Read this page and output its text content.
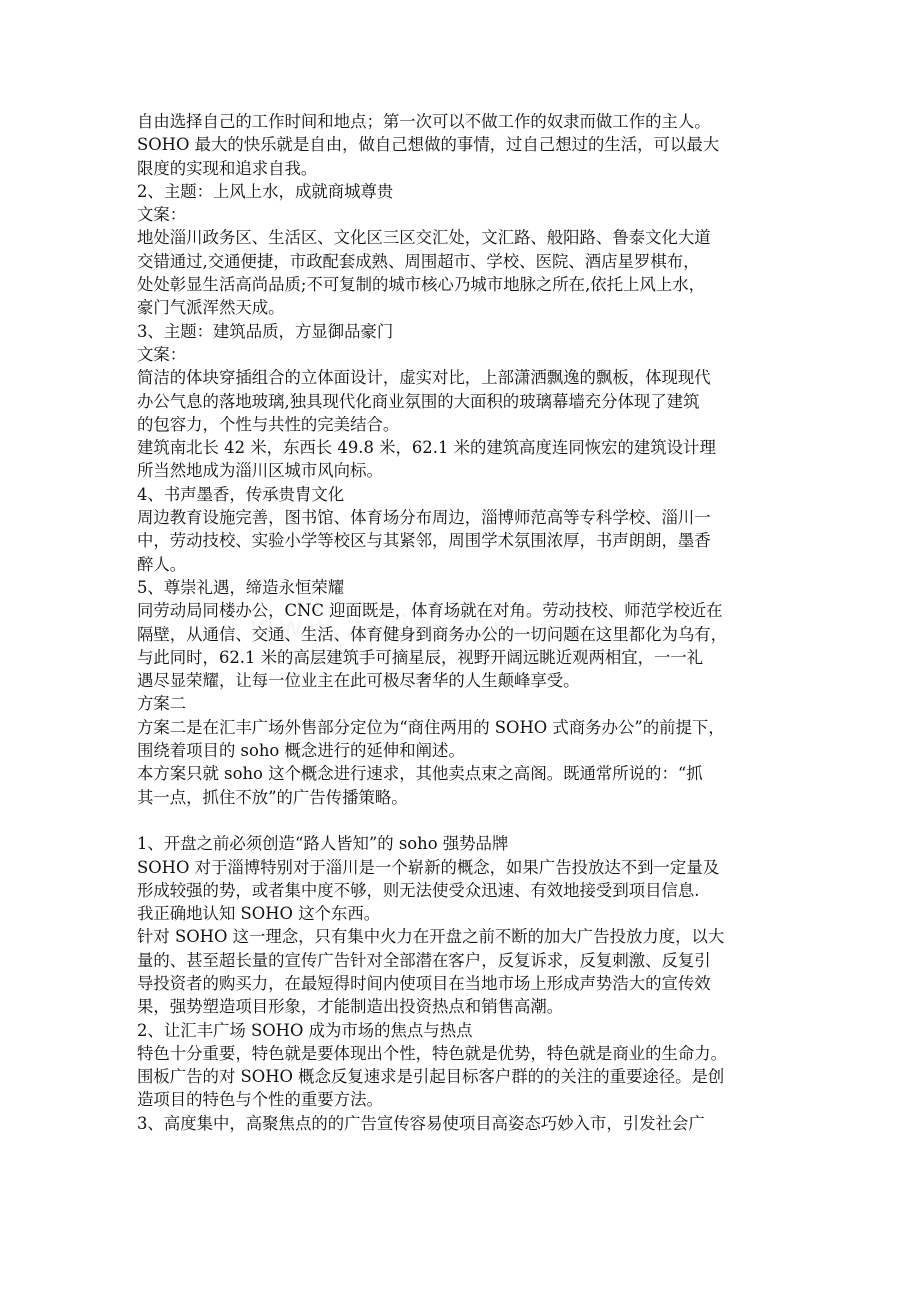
自由选择自己的工作时间和地点；第一次可以不做工作的奴隶而做工作的主人。
SOHO 最大的快乐就是自由，做自己想做的事情，过自己想过的生活，可以最大
限度的实现和追求自我。
2、主题：上风上水，成就商城尊贵
文案：
地处淄川政务区、生活区、文化区三区交汇处，文汇路、般阳路、鲁泰文化大道
交错通过,交通便捷，市政配套成熟、周围超市、学校、医院、酒店星罗棋布，
处处彰显生活高尚品质;不可复制的城市核心乃城市地脉之所在,依托上风上水，
豪门气派浑然天成。
3、主题：建筑品质，方显御品豪门
文案：
简洁的体块穿插组合的立体面设计，虚实对比，上部潇洒飘逸的飘板，体现现代
办公气息的落地玻璃,独具现代化商业氛围的大面积的玻璃幕墙充分体现了建筑
的包容力，个性与共性的完美结合。
建筑南北长 42 米，东西长 49.8 米，62.1 米的建筑高度连同恢宏的建筑设计理
所当然地成为淄川区城市风向标。
4、书声墨香，传承贵胄文化
周边教育设施完善，图书馆、体育场分布周边，淄博师范高等专科学校、淄川一
中，劳动技校、实验小学等校区与其紧邻，周围学术氛围浓厚，书声朗朗，墨香
醉人。
5、尊崇礼遇，缔造永恒荣耀
同劳动局同楼办公，CNC 迎面既是，体育场就在对角。劳动技校、师范学校近在
隔壁，从通信、交通、生活、体育健身到商务办公的一切问题在这里都化为乌有，
与此同时，62.1 米的高层建筑手可摘星辰，视野开阔远眺近观两相宜，一一礼
遇尽显荣耀，让每一位业主在此可极尽奢华的人生颠峰享受。
方案二
方案二是在汇丰广场外售部分定位为“商住两用的 SOHO 式商务办公”的前提下，
围绕着项目的 soho 概念进行的延伸和阐述。
本方案只就 soho 这个概念进行速求，其他卖点束之高阁。既通常所说的：“抓
其一点，抓住不放”的广告传播策略。
1、开盘之前必须创造“路人皆知”的 soho 强势品牌
SOHO 对于淄博特别对于淄川是一个崭新的概念，如果广告投放达不到一定量及
形成较强的势，或者集中度不够，则无法使受众迅速、有效地接受到项目信息.
我正确地认知 SOHO 这个东西。
针对 SOHO 这一理念，只有集中火力在开盘之前不断的加大广告投放力度，以大
量的、甚至超长量的宣传广告针对全部潜在客户，反复诉求，反复刺激、反复引
导投资者的购买力，在最短得时间内使项目在当地市场上形成声势浩大的宣传效
果，强势塑造项目形象，才能制造出投资热点和销售高潮。
2、让汇丰广场 SOHO 成为市场的焦点与热点
特色十分重要，特色就是要体现出个性，特色就是优势，特色就是商业的生命力。
围板广告的对 SOHO 概念反复速求是引起目标客户群的的关注的重要途径。是创
造项目的特色与个性的重要方法。
3、高度集中，高聚焦点的的广告宣传容易使项目高姿态巧妙入市，引发社会广
